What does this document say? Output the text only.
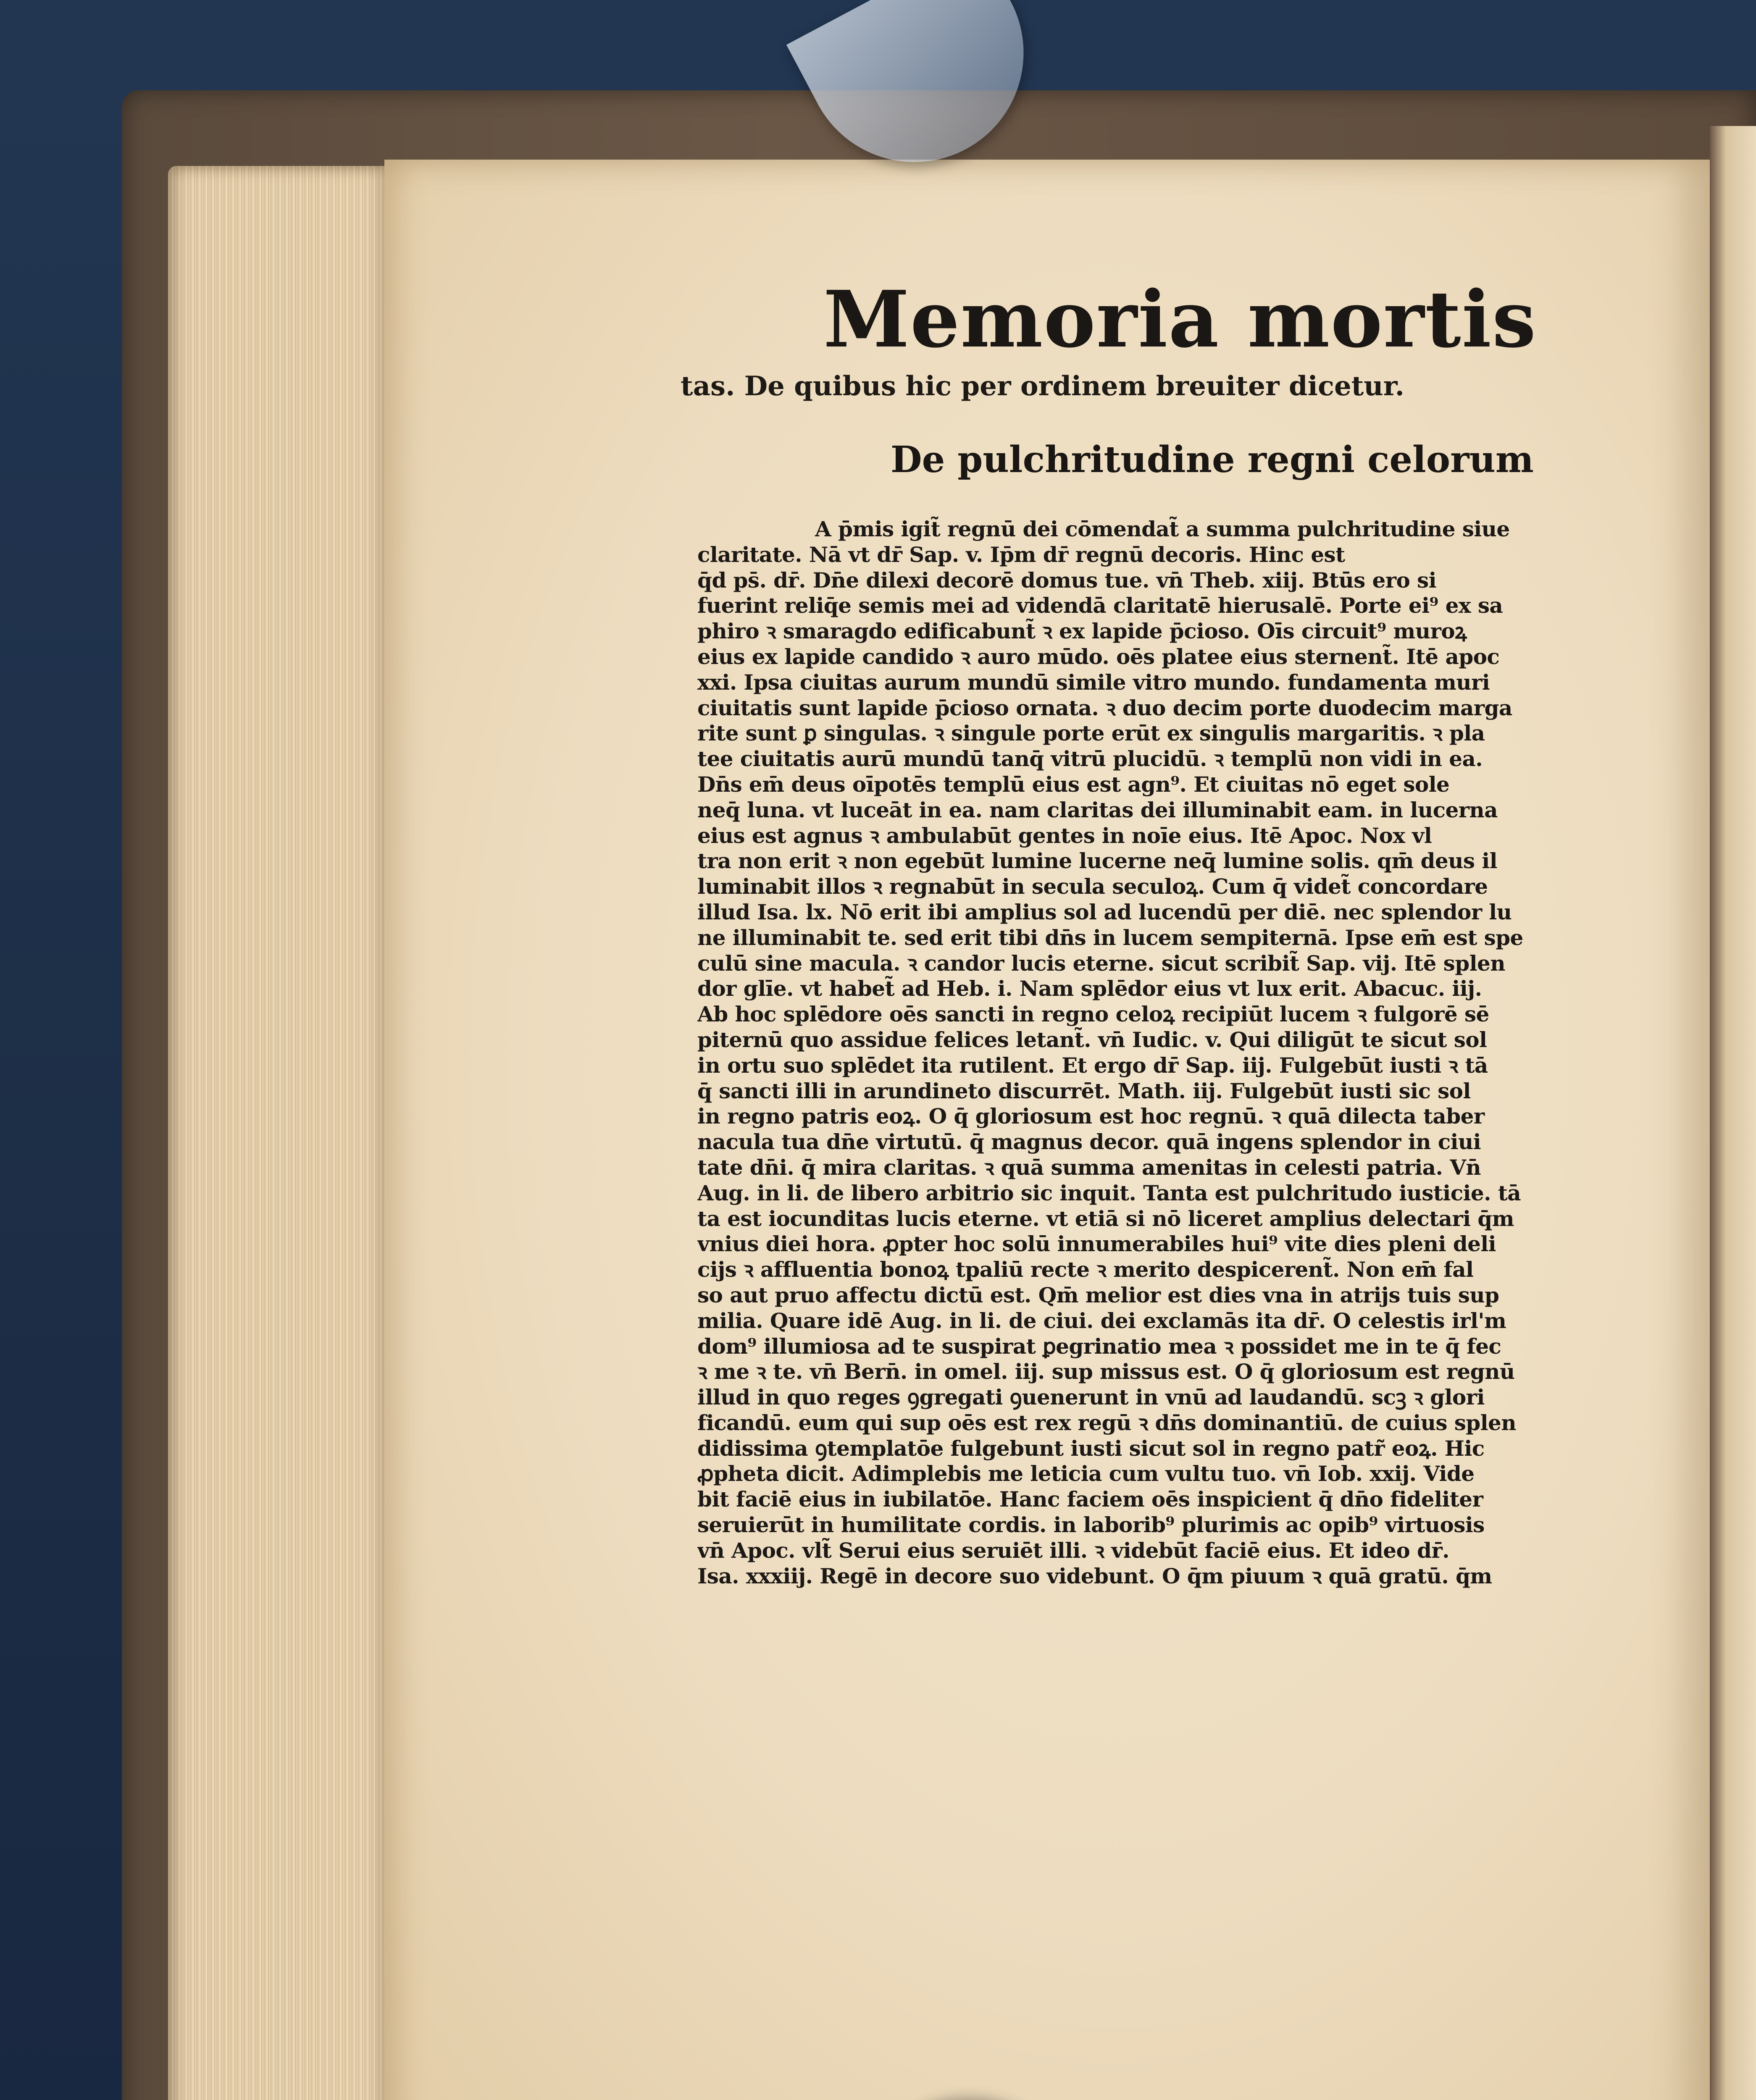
Memoria mortis
tas. De quibus hic per ordinem breuiter dicetur.
De pulchritudine regni celorum
A p̄mis igit̃ regnū dei cōmendat̃ a summa pulchritudine siue
claritate. Nā vt dr̄ Sap. v. Ip̄m dr̄ regnū decoris. Hinc est
q̄d ps̄. dr̄. Dn̄e dilexi decorē domus tue. vn̄ Theb. xiij. Btūs ero si
fuerint reliq̄e semis mei ad videndā claritatē hierusalē. Porte ei⁹ ex sa
phiro ꝛ smaragdo edificabunt̃ ꝛ ex lapide p̄cioso. Oīs circuit⁹ muroꝝ
eius ex lapide candido ꝛ auro mūdo. oēs platee eius sternent̃. Itē apoc
xxi. Ipsa ciuitas aurum mundū simile vitro mundo. fundamenta muri
ciuitatis sunt lapide p̄cioso ornata. ꝛ duo decim porte duodecim marga
rite sunt ꝑ singulas. ꝛ singule porte erūt ex singulis margaritis. ꝛ pla
tee ciuitatis aurū mundū tanq̄ vitrū plucidū. ꝛ templū non vidi in ea.
Dn̄s em̄ deus oīpotēs templū eius est agn⁹. Et ciuitas nō eget sole
neq̄ luna. vt luceāt in ea. nam claritas dei illuminabit eam. in lucerna
eius est agnus ꝛ ambulabūt gentes in noīe eius. Itē Apoc. Nox vl
tra non erit ꝛ non egebūt lumine lucerne neq̄ lumine solis. qm̄ deus il
luminabit illos ꝛ regnabūt in secula seculoꝝ. Cum q̄ videt̃ concordare
illud Isa. lx. Nō erit ibi amplius sol ad lucendū per diē. nec splendor lu
ne illuminabit te. sed erit tibi dn̄s in lucem sempiternā. Ipse em̄ est spe
culū sine macula. ꝛ candor lucis eterne. sicut scribit̃ Sap. vij. Itē splen
dor glīe. vt habet̃ ad Heb. i. Nam splēdor eius vt lux erit. Abacuc. iij.
Ab hoc splēdore oēs sancti in regno celoꝝ recipiūt lucem ꝛ fulgorē sē
piternū quo assidue felices letant̃. vn̄ Iudic. v. Qui diligūt te sicut sol
in ortu suo splēdet ita rutilent. Et ergo dr̄ Sap. iij. Fulgebūt iusti ꝛ tā
q̄ sancti illi in arundineto discurrēt. Math. iij. Fulgebūt iusti sic sol
in regno patris eoꝝ. O q̄ gloriosum est hoc regnū. ꝛ quā dilecta taber
nacula tua dn̄e virtutū. q̄ magnus decor. quā ingens splendor in ciui
tate dn̄i. q̄ mira claritas. ꝛ quā summa amenitas in celesti patria. Vn̄
Aug. in li. de libero arbitrio sic inquit. Tanta est pulchritudo iusticie. tā
ta est iocunditas lucis eterne. vt etiā si nō liceret amplius delectari q̄m
vnius diei hora. ꝓpter hoc solū innumerabiles hui⁹ vite dies pleni deli
cijs ꝛ affluentia bonoꝝ tpaliū recte ꝛ merito despicerent̃. Non em̄ fal
so aut pruo affectu dictū est. Qm̄ melior est dies vna in atrijs tuis sup
milia. Quare idē Aug. in li. de ciui. dei exclamās ita dr̄. O celestis irl'm
dom⁹ illumiosa ad te suspirat ꝑegrinatio mea ꝛ possidet me in te q̄ fec
ꝛ me ꝛ te. vn̄ Bern̄. in omel. iij. sup missus est. O q̄ gloriosum est regnū
illud in quo reges ꝯgregati ꝯuenerunt in vnū ad laudandū. scꝫ ꝛ glori
ficandū. eum qui sup oēs est rex regū ꝛ dn̄s dominantiū. de cuius splen
didissima ꝯtemplatōe fulgebunt iusti sicut sol in regno patr̃ eoꝝ. Hic
ꝓpheta dicit. Adimplebis me leticia cum vultu tuo. vn̄ Iob. xxij. Vide
bit faciē eius in iubilatōe. Hanc faciem oēs inspicient q̄ dn̄o fideliter
seruierūt in humilitate cordis. in laborib⁹ plurimis ac opib⁹ virtuosis
vn̄ Apoc. vlt̃ Serui eius seruiēt illi. ꝛ videbūt faciē eius. Et ideo dr̄.
Isa. xxxiij. Regē in decore suo videbunt. O q̄m piuum ꝛ quā gratū. q̄m
